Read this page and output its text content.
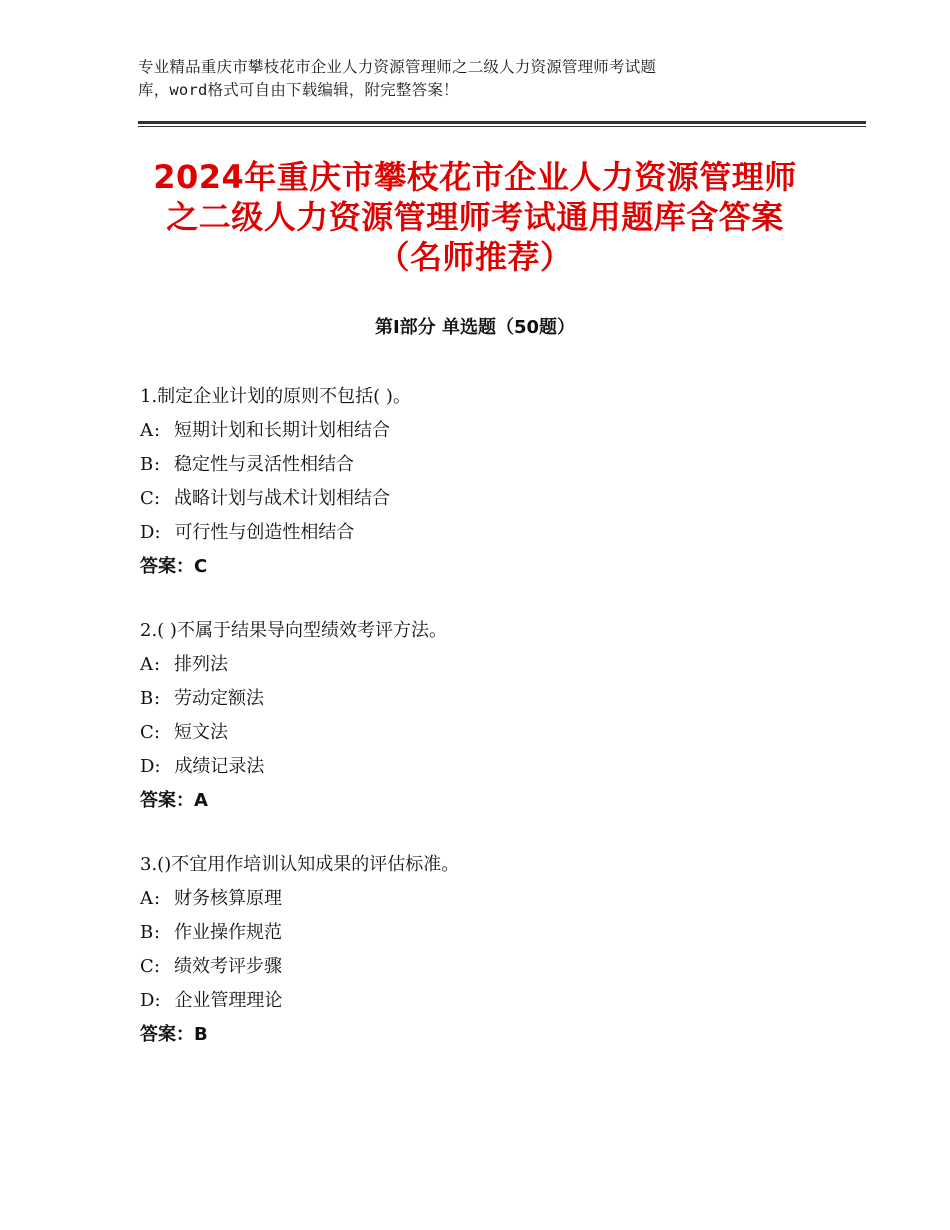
专业精品重庆市攀枝花市企业人力资源管理师之二级人力资源管理师考试题
库，word格式可自由下载编辑，附完整答案！
2024年重庆市攀枝花市企业人力资源管理师
之二级人力资源管理师考试通用题库含答案
（名师推荐）
第Ⅰ部分 单选题（50题）
1.制定企业计划的原则不包括( )。
A: 短期计划和长期计划相结合
B: 稳定性与灵活性相结合
C: 战略计划与战术计划相结合
D: 可行性与创造性相结合
答案：C
2.( )不属于结果导向型绩效考评方法。
A: 排列法
B: 劳动定额法
C: 短文法
D: 成绩记录法
答案：A
3.()不宜用作培训认知成果的评估标准。
A: 财务核算原理
B: 作业操作规范
C: 绩效考评步骤
D: 企业管理理论
答案：B
